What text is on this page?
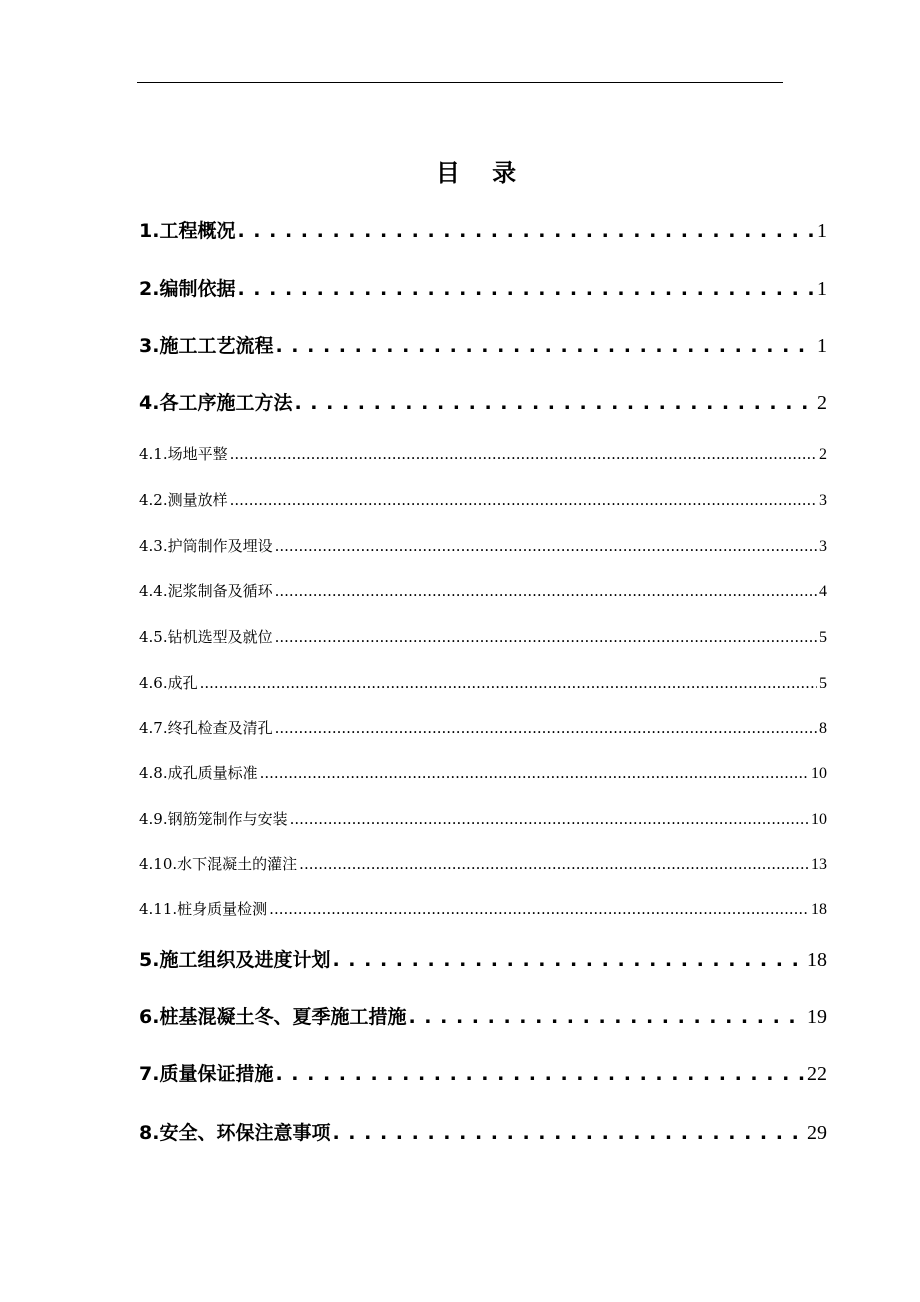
目 录
1.工程概况 . . .	1
2.编制依据 . . .	1
3.施工工艺流程 . . .	1
4.各工序施工方法 . . .	2
4.1.场地平整 .....	2
4.2.测量放样 .....	3
4.3.护筒制作及埋设 .....	3
4.4.泥浆制备及循环 .....	4
4.5.钻机选型及就位 .....	5
4.6.成孔 .....	5
4.7.终孔检查及清孔 .....	8
4.8.成孔质量标准 .....	10
4.9.钢筋笼制作与安装 .....	10
4.10.水下混凝土的灌注 .....	13
4.11.桩身质量检测 .....	18
5.施工组织及进度计划 . . .	18
6.桩基混凝土冬、夏季施工措施 . . .	19
7.质量保证措施 . . .	22
8.安全、环保注意事项 . . .	29
